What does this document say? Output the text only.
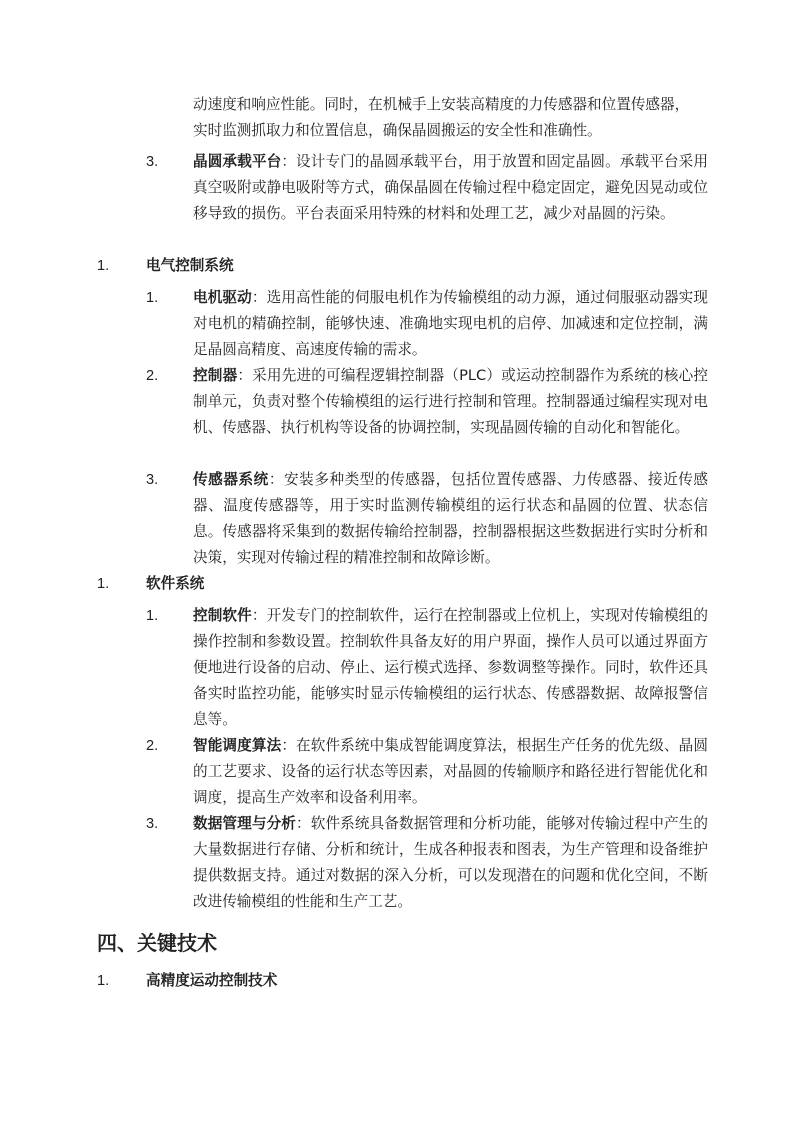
动速度和响应性能。同时，在机械手上安装高精度的力传感器和位置传感器，
实时监测抓取力和位置信息，确保晶圆搬运的安全性和准确性。
3. 晶圆承载平台：设计专门的晶圆承载平台，用于放置和固定晶圆。承载平台采用真空吸附或静电吸附等方式，确保晶圆在传输过程中稳定固定，避免因晃动或位移导致的损伤。平台表面采用特殊的材料和处理工艺，减少对晶圆的污染。
1.	电气控制系统
1. 电机驱动：选用高性能的伺服电机作为传输模组的动力源，通过伺服驱动器实现对电机的精确控制，能够快速、准确地实现电机的启停、加减速和定位控制，满足晶圆高精度、高速度传输的需求。
2. 控制器：采用先进的可编程逻辑控制器（PLC）或运动控制器作为系统的核心控制单元，负责对整个传输模组的运行进行控制和管理。控制器通过编程实现对电机、传感器、执行机构等设备的协调控制，实现晶圆传输的自动化和智能化。
3. 传感器系统：安装多种类型的传感器，包括位置传感器、力传感器、接近传感器、温度传感器等，用于实时监测传输模组的运行状态和晶圆的位置、状态信息。传感器将采集到的数据传输给控制器，控制器根据这些数据进行实时分析和决策，实现对传输过程的精准控制和故障诊断。
1.	软件系统
1. 控制软件：开发专门的控制软件，运行在控制器或上位机上，实现对传输模组的操作控制和参数设置。控制软件具备友好的用户界面，操作人员可以通过界面方便地进行设备的启动、停止、运行模式选择、参数调整等操作。同时，软件还具备实时监控功能，能够实时显示传输模组的运行状态、传感器数据、故障报警信息等。
2. 智能调度算法：在软件系统中集成智能调度算法，根据生产任务的优先级、晶圆的工艺要求、设备的运行状态等因素，对晶圆的传输顺序和路径进行智能优化和调度，提高生产效率和设备利用率。
3. 数据管理与分析：软件系统具备数据管理和分析功能，能够对传输过程中产生的大量数据进行存储、分析和统计，生成各种报表和图表，为生产管理和设备维护提供数据支持。通过对数据的深入分析，可以发现潜在的问题和优化空间，不断改进传输模组的性能和生产工艺。
四、关键技术
1.	高精度运动控制技术
